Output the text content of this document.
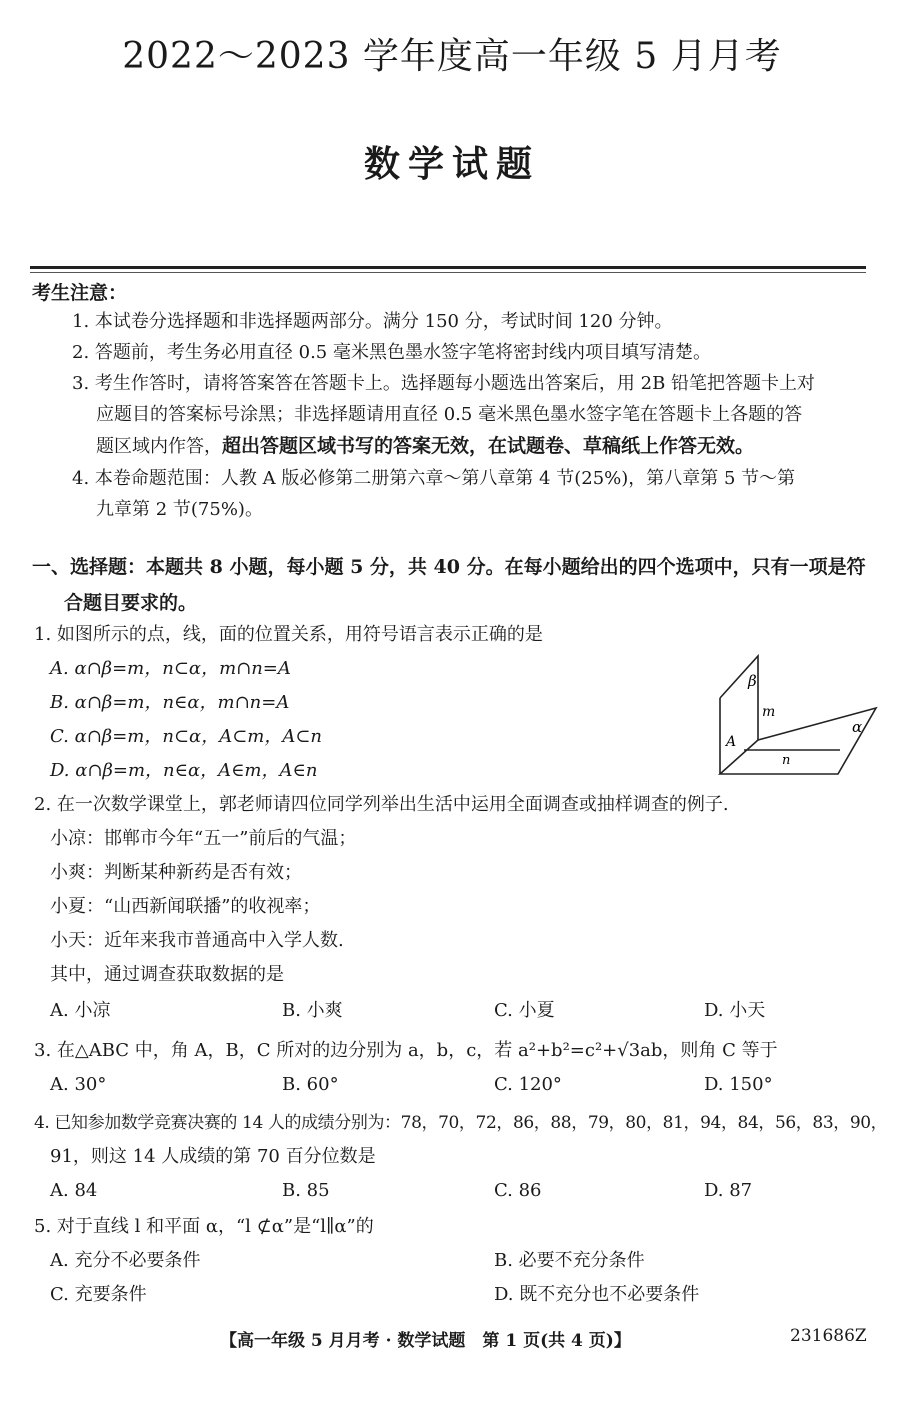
2022～2023 学年度高一年级 5 月月考
数学试题
考生注意：
1. 本试卷分选择题和非选择题两部分。满分 150 分，考试时间 120 分钟。
2. 答题前，考生务必用直径 0.5 毫米黑色墨水签字笔将密封线内项目填写清楚。
3. 考生作答时，请将答案答在答题卡上。选择题每小题选出答案后，用 2B 铅笔把答题卡上对
应题目的答案标号涂黑；非选择题请用直径 0.5 毫米黑色墨水签字笔在答题卡上各题的答
题区域内作答，超出答题区域书写的答案无效，在试题卷、草稿纸上作答无效。
4. 本卷命题范围：人教 A 版必修第二册第六章～第八章第 4 节(25%)，第八章第 5 节～第
九章第 2 节(75%)。
一、选择题：本题共 8 小题，每小题 5 分，共 40 分。在每小题给出的四个选项中，只有一项是符
合题目要求的。
1. 如图所示的点，线，面的位置关系，用符号语言表示正确的是
A. α∩β=m，n⊂α，m∩n=A
B. α∩β=m，n∈α，m∩n=A
C. α∩β=m，n⊂α，A⊂m，A⊂n
D. α∩β=m，n∈α，A∈m，A∈n
β
m
A
α
n
2. 在一次数学课堂上，郭老师请四位同学列举出生活中运用全面调查或抽样调查的例子.
小凉：邯郸市今年“五一”前后的气温；
小爽：判断某种新药是否有效；
小夏：“山西新闻联播”的收视率；
小天：近年来我市普通高中入学人数.
其中，通过调查获取数据的是
A. 小凉	B. 小爽	C. 小夏	D. 小天
3. 在△ABC 中，角 A，B，C 所对的边分别为 a，b，c，若 a²+b²=c²+√3ab，则角 C 等于
A. 30°	B. 60°	C. 120°	D. 150°
4. 已知参加数学竞赛决赛的 14 人的成绩分别为：78，70，72，86，88，79，80，81，94，84，56，83，90，
91，则这 14 人成绩的第 70 百分位数是
A. 84	B. 85	C. 86	D. 87
5. 对于直线 l 和平面 α，“l ⊄α”是“l∥α”的
A. 充分不必要条件	B. 必要不充分条件
C. 充要条件	D. 既不充分也不必要条件
【高一年级 5 月月考 · 数学试题　第 1 页(共 4 页)】	231686Z
